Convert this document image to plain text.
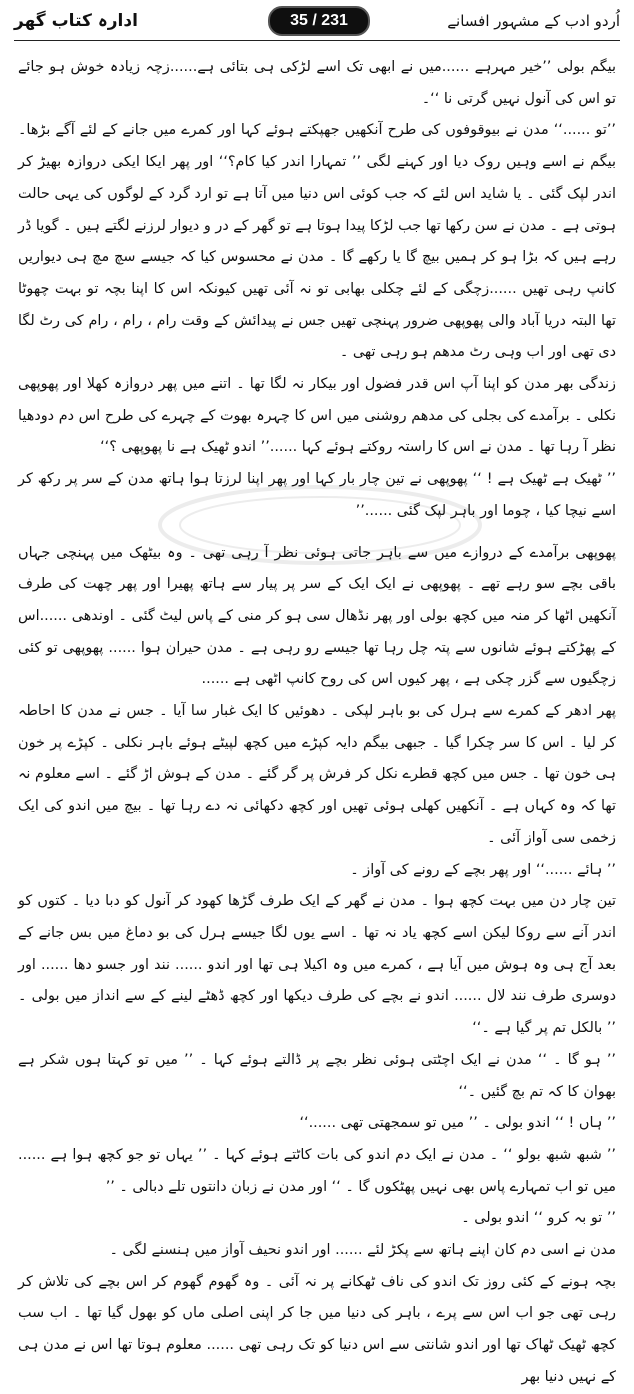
اُردو ادب کے مشہور افسانے
35 / 231
ادارہ کتاب گھر

بیگم بولی ’’خیر مہرہے ......میں نے ابھی تک اسے لڑکی ہی بتائی ہے......زچہ زیادہ خوش ہو جائے تو اس کی آنول نہیں گرتی نا ‘‘۔

’’تو ......‘‘ مدن نے بیوقوفوں کی طرح آنکھیں جھپکتے ہوئے کہا اور کمرے میں جانے کے لئے آگے بڑھا۔ بیگم نے اسے وہیں روک دیا اور کہنے لگی ’’ تمہارا اندر کیا کام؟‘‘ اور پھر ایکا ایکی دروازہ بھیڑ کر اندر لپک گئی ۔ یا شاید اس لئے کہ جب کوئی اس دنیا میں آتا ہے تو ارد گرد کے لوگوں کی یہی حالت ہوتی ہے ۔ مدن نے سن رکھا تھا جب لڑکا پیدا ہوتا ہے تو گھر کے در و دیوار لرزنے لگتے ہیں ۔ گویا ڈر رہے ہیں کہ بڑا ہو کر ہمیں بیچ گا یا رکھے گا ۔ مدن نے محسوس کیا کہ جیسے سچ مچ ہی دیواریں کانپ رہی تھیں ......زچگی کے لئے چکلی بھابی تو نہ آئی تھیں کیونکہ اس کا اپنا بچہ تو بہت چھوٹا تھا البتہ دریا آباد والی پھوپھی ضرور پہنچی تھیں جس نے پیدائش کے وقت رام ، رام ، رام کی رٹ لگا دی تھی اور اب وہی رٹ مدھم ہو رہی تھی ۔

زندگی بھر مدن کو اپنا آپ اس قدر فضول اور بیکار نہ لگا تھا ۔ اتنے میں پھر دروازہ کھلا اور پھوپھی نکلی ۔ برآمدے کی بجلی کی مدھم روشنی میں اس کا چہرہ بھوت کے چہرے کی طرح اس دم دودھیا نظر آ رہا تھا ۔ مدن نے اس کا راستہ روکتے ہوئے کہا ......’’ اندو ٹھیک ہے نا پھوپھی ؟‘‘

’’ ٹھیک ہے ٹھیک ہے ! ‘‘ پھوپھی نے تین چار بار کہا اور پھر اپنا لرزتا ہوا ہاتھ مدن کے سر پر رکھ کر اسے نیچا کیا ، چوما اور باہر لپک گئی ......’’

پھوپھی برآمدے کے دروازے میں سے باہر جاتی ہوئی نظر آ رہی تھی ۔ وہ بیٹھک میں پہنچی جہاں باقی بچے سو رہے تھے ۔ پھوپھی نے ایک ایک کے سر پر پیار سے ہاتھ پھیرا اور پھر چھت کی طرف آنکھیں اٹھا کر منہ میں کچھ بولی اور پھر نڈھال سی ہو کر منی کے پاس لیٹ گئی ۔ اوندھی ......اس کے پھڑکتے ہوئے شانوں سے پتہ چل رہا تھا جیسے رو رہی ہے ۔ مدن حیران ہوا ...... پھوپھی تو کئی زچگیوں سے گزر چکی ہے ، پھر کیوں اس کی روح کانپ اٹھی ہے ......

پھر ادھر کے کمرے سے ہرل کی بو باہر لپکی ۔ دھوئیں کا ایک غبار سا آیا ۔ جس نے مدن کا احاطہ کر لیا ۔ اس کا سر چکرا گیا ۔ جبھی بیگم دایہ کپڑے میں کچھ لپیٹے ہوئے باہر نکلی ۔ کپڑے پر خون ہی خون تھا ۔ جس میں کچھ قطرے نکل کر فرش پر گر گئے ۔ مدن کے ہوش اڑ گئے ۔ اسے معلوم نہ تھا کہ وہ کہاں ہے ۔ آنکھیں کھلی ہوئی تھیں اور کچھ دکھائی نہ دے رہا تھا ۔ بیچ میں اندو کی ایک زخمی سی آواز آئی ۔

’’ ہائے ......‘‘ اور پھر بچے کے رونے کی آواز ۔

تین چار دن میں بہت کچھ ہوا ۔ مدن نے گھر کے ایک طرف گڑھا کھود کر آنول کو دبا دیا ۔ کتوں کو اندر آنے سے روکا لیکن اسے کچھ یاد نہ تھا ۔ اسے یوں لگا جیسے ہرل کی بو دماغ میں بس جانے کے بعد آج ہی وہ ہوش میں آیا ہے ، کمرے میں وہ اکیلا ہی تھا اور اندو ...... نند اور جسو دھا ...... اور دوسری طرف نند لال ...... اندو نے بچے کی طرف دیکھا اور کچھ ڈھٹے لینے کے سے انداز میں بولی ۔ ’’ بالکل تم پر گیا ہے ۔‘‘

’’ ہو گا ۔ ‘‘ مدن نے ایک اچٹتی ہوئی نظر بچے پر ڈالتے ہوئے کہا ۔ ’’ میں تو کہتا ہوں شکر ہے بھوان کا کہ تم بچ گئیں ۔‘‘

’’ ہاں ! ‘‘ اندو بولی ۔ ’’ میں تو سمجھتی تھی ......‘‘

’’ شبھ شبھ بولو ‘‘ ۔ مدن نے ایک دم اندو کی بات کاٹتے ہوئے کہا ۔ ’’ یہاں تو جو کچھ ہوا ہے ...... میں تو اب تمہارے پاس بھی نہیں پھٹکوں گا ۔ ‘‘ اور مدن نے زبان دانتوں تلے دبالی ۔ ’’

’’ تو بہ کرو ‘‘ اندو بولی ۔

مدن نے اسی دم کان اپنے ہاتھ سے پکڑ لئے ...... اور اندو نحیف آواز میں ہنسنے لگی ۔

بچہ ہونے کے کئی روز تک اندو کی ناف ٹھکانے پر نہ آئی ۔ وہ گھوم گھوم کر اس بچے کی تلاش کر رہی تھی جو اب اس سے پرے ، باہر کی دنیا میں جا کر اپنی اصلی ماں کو بھول گیا تھا ۔ اب سب کچھ ٹھیک ٹھاک تھا اور اندو شانتی سے اس دنیا کو تک رہی تھی ...... معلوم ہوتا تھا اس نے مدن ہی کے نہیں دنیا بھر
